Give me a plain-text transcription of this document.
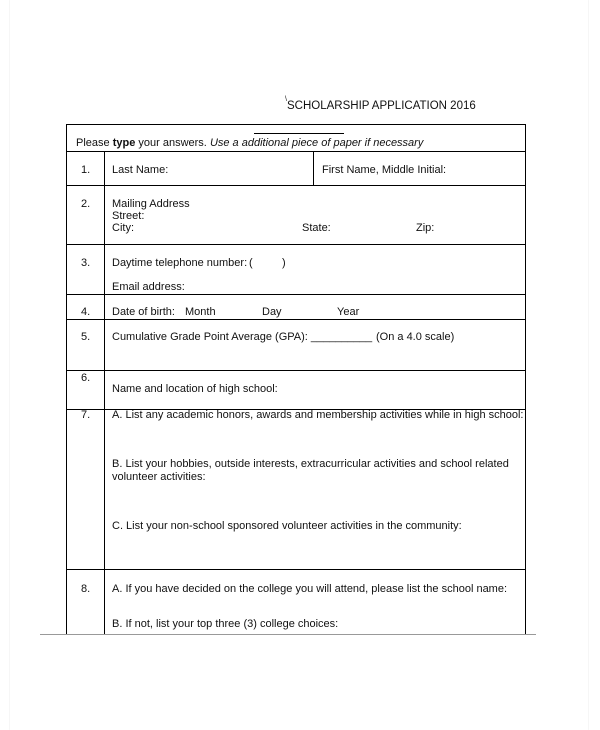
\
SCHOLARSHIP APPLICATION 2016
Please type your answers. Use a additional piece of paper if necessary
1. Last Name:	First Name, Middle Initial:
2. Mailing Address
Street:
City:	State:	Zip:
3. Daytime telephone number: (	)
Email address:
4. Date of birth: Month	Day	Year
5. Cumulative Grade Point Average (GPA): __________ (On a 4.0 scale)
6.
Name and location of high school:
7. A. List any academic honors, awards and membership activities while in high school:
B. List your hobbies, outside interests, extracurricular activities and school related
volunteer activities:
C. List your non-school sponsored volunteer activities in the community:
8. A. If you have decided on the college you will attend, please list the school name:
B. If not, list your top three (3) college choices:
